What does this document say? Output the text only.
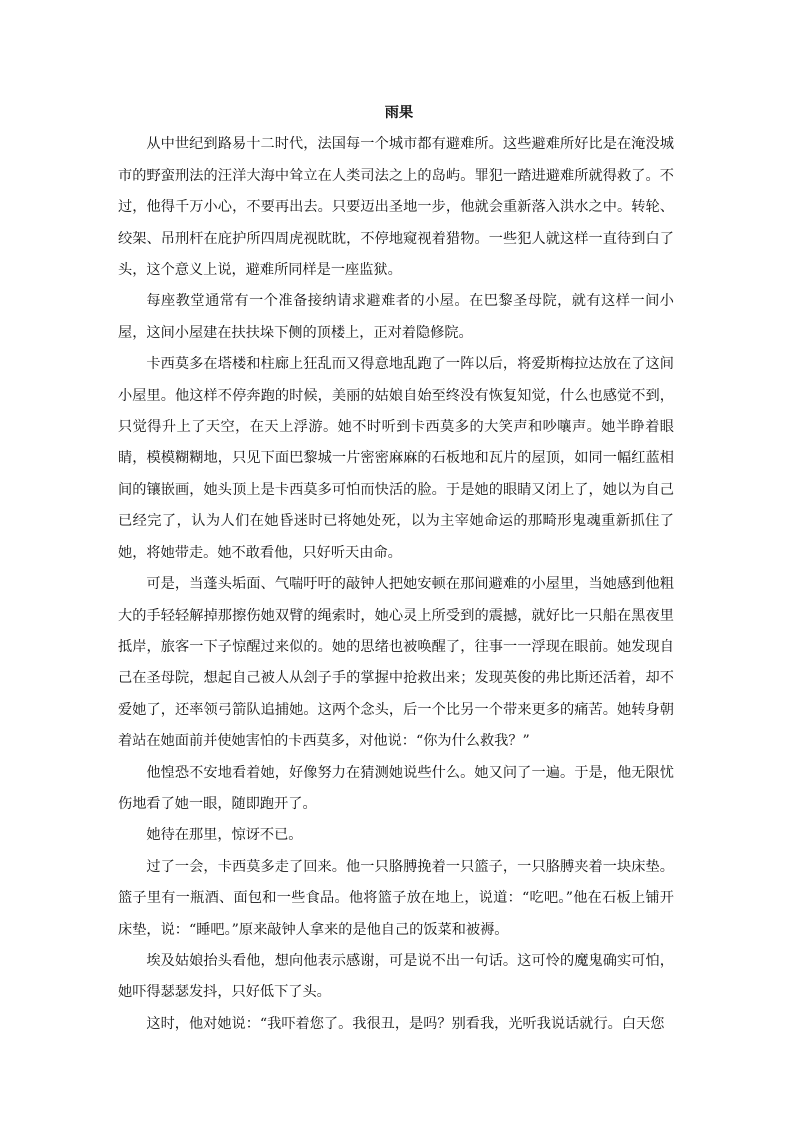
雨果

从中世纪到路易十二时代，法国每一个城市都有避难所。这些避难所好比是在淹没城市的野蛮刑法的汪洋大海中耸立在人类司法之上的岛屿。罪犯一踏进避难所就得救了。不过，他得千万小心，不要再出去。只要迈出圣地一步，他就会重新落入洪水之中。转轮、绞架、吊刑杆在庇护所四周虎视眈眈，不停地窥视着猎物。一些犯人就这样一直待到白了头，这个意义上说，避难所同样是一座监狱。

每座教堂通常有一个准备接纳请求避难者的小屋。在巴黎圣母院，就有这样一间小屋，这间小屋建在扶扶垛下侧的顶楼上，正对着隐修院。

卡西莫多在塔楼和柱廊上狂乱而又得意地乱跑了一阵以后，将爱斯梅拉达放在了这间小屋里。他这样不停奔跑的时候，美丽的姑娘自始至终没有恢复知觉，什么也感觉不到，只觉得升上了天空，在天上浮游。她不时听到卡西莫多的大笑声和吵嚷声。她半睁着眼睛，模模糊糊地，只见下面巴黎城一片密密麻麻的石板地和瓦片的屋顶，如同一幅红蓝相间的镶嵌画，她头顶上是卡西莫多可怕而快活的脸。于是她的眼睛又闭上了，她以为自己已经完了，认为人们在她昏迷时已将她处死，以为主宰她命运的那畸形鬼魂重新抓住了她，将她带走。她不敢看他，只好听天由命。

可是，当蓬头垢面、气喘吁吁的敲钟人把她安顿在那间避难的小屋里，当她感到他粗大的手轻轻解掉那擦伤她双臂的绳索时，她心灵上所受到的震撼，就好比一只船在黑夜里抵岸，旅客一下子惊醒过来似的。她的思绪也被唤醒了，往事一一浮现在眼前。她发现自己在圣母院，想起自己被人从刽子手的掌握中抢救出来；发现英俊的弗比斯还活着，却不爱她了，还率领弓箭队追捕她。这两个念头，后一个比另一个带来更多的痛苦。她转身朝着站在她面前并使她害怕的卡西莫多，对他说：“你为什么救我？”

他惶恐不安地看着她，好像努力在猜测她说些什么。她又问了一遍。于是，他无限忧伤地看了她一眼，随即跑开了。

她待在那里，惊讶不已。

过了一会，卡西莫多走了回来。他一只胳膊挽着一只篮子，一只胳膊夹着一块床垫。篮子里有一瓶酒、面包和一些食品。他将篮子放在地上，说道：“吃吧。”他在石板上铺开床垫，说：“睡吧。”原来敲钟人拿来的是他自己的饭菜和被褥。

埃及姑娘抬头看他，想向他表示感谢，可是说不出一句话。这可怜的魔鬼确实可怕，她吓得瑟瑟发抖，只好低下了头。

这时，他对她说：“我吓着您了。我很丑，是吗？别看我，光听我说话就行。白天您
